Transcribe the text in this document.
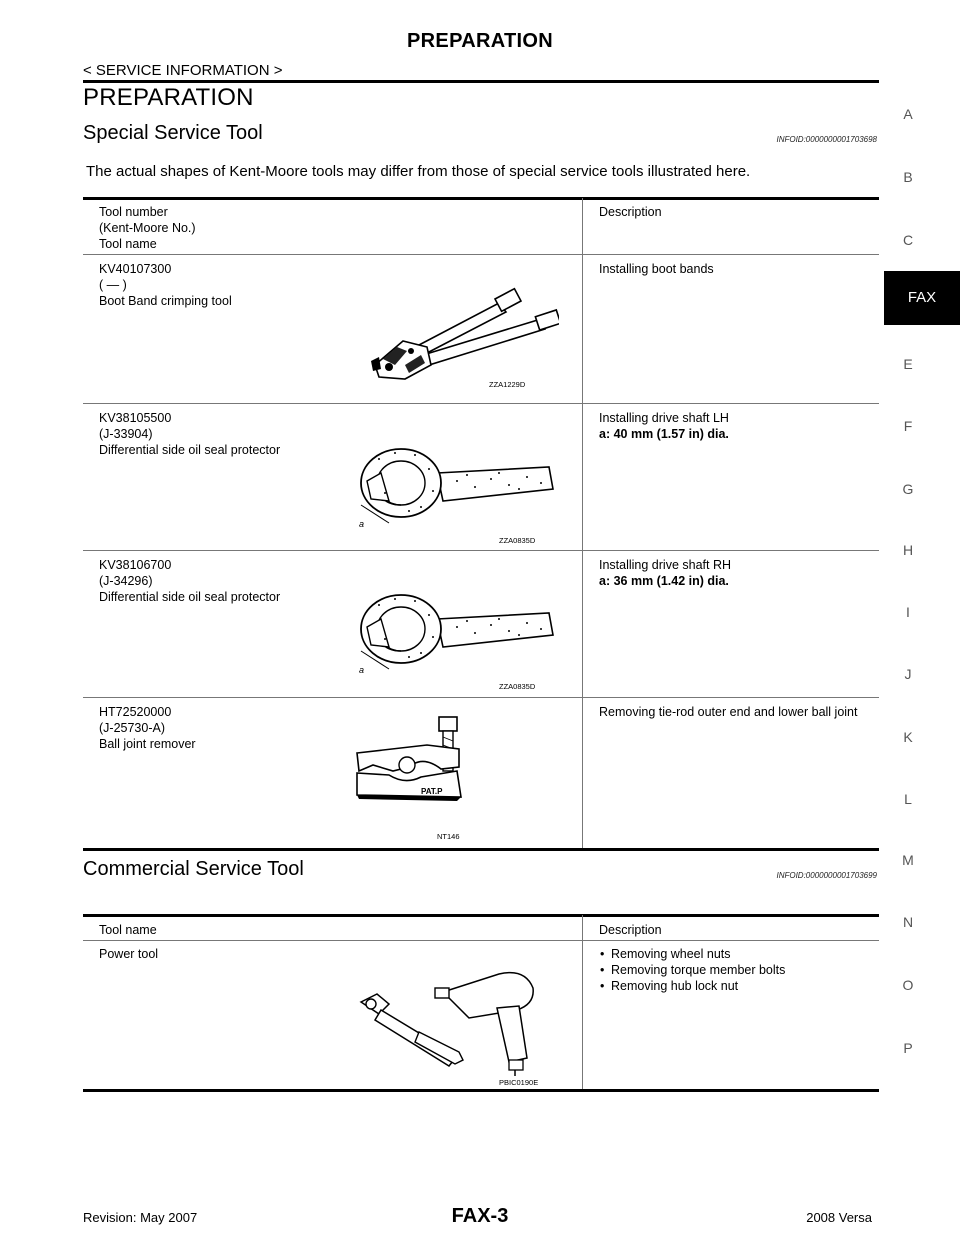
PREPARATION
< SERVICE INFORMATION >
PREPARATION
Special Service Tool	INFOID:0000000001703698
The actual shapes of Kent-Moore tools may differ from those of special service tools illustrated here.
Tool number
(Kent-Moore No.)
Tool name
Description
KV40107300
( — )
Boot Band crimping tool
Installing boot bands
ZZA1229D
KV38105500
(J-33904)
Differential side oil seal protector
Installing drive shaft LH
a: 40 mm (1.57 in) dia.
a
ZZA0835D
KV38106700
(J-34296)
Differential side oil seal protector
Installing drive shaft RH
a: 36 mm (1.42 in) dia.
a
ZZA0835D
HT72520000
(J-25730-A)
Ball joint remover
Removing tie-rod outer end and lower ball joint
PAT.P
NT146
Commercial Service Tool	INFOID:0000000001703699
Tool name	Description
Power tool
•	Removing wheel nuts
• Removing torque member bolts
• Removing hub lock nut
PBIC0190E
A
B
C
FAX
E
F
G
H
I
J
K
L
M
N
O
P
Revision: May 2007	FAX-3	2008 Versa
